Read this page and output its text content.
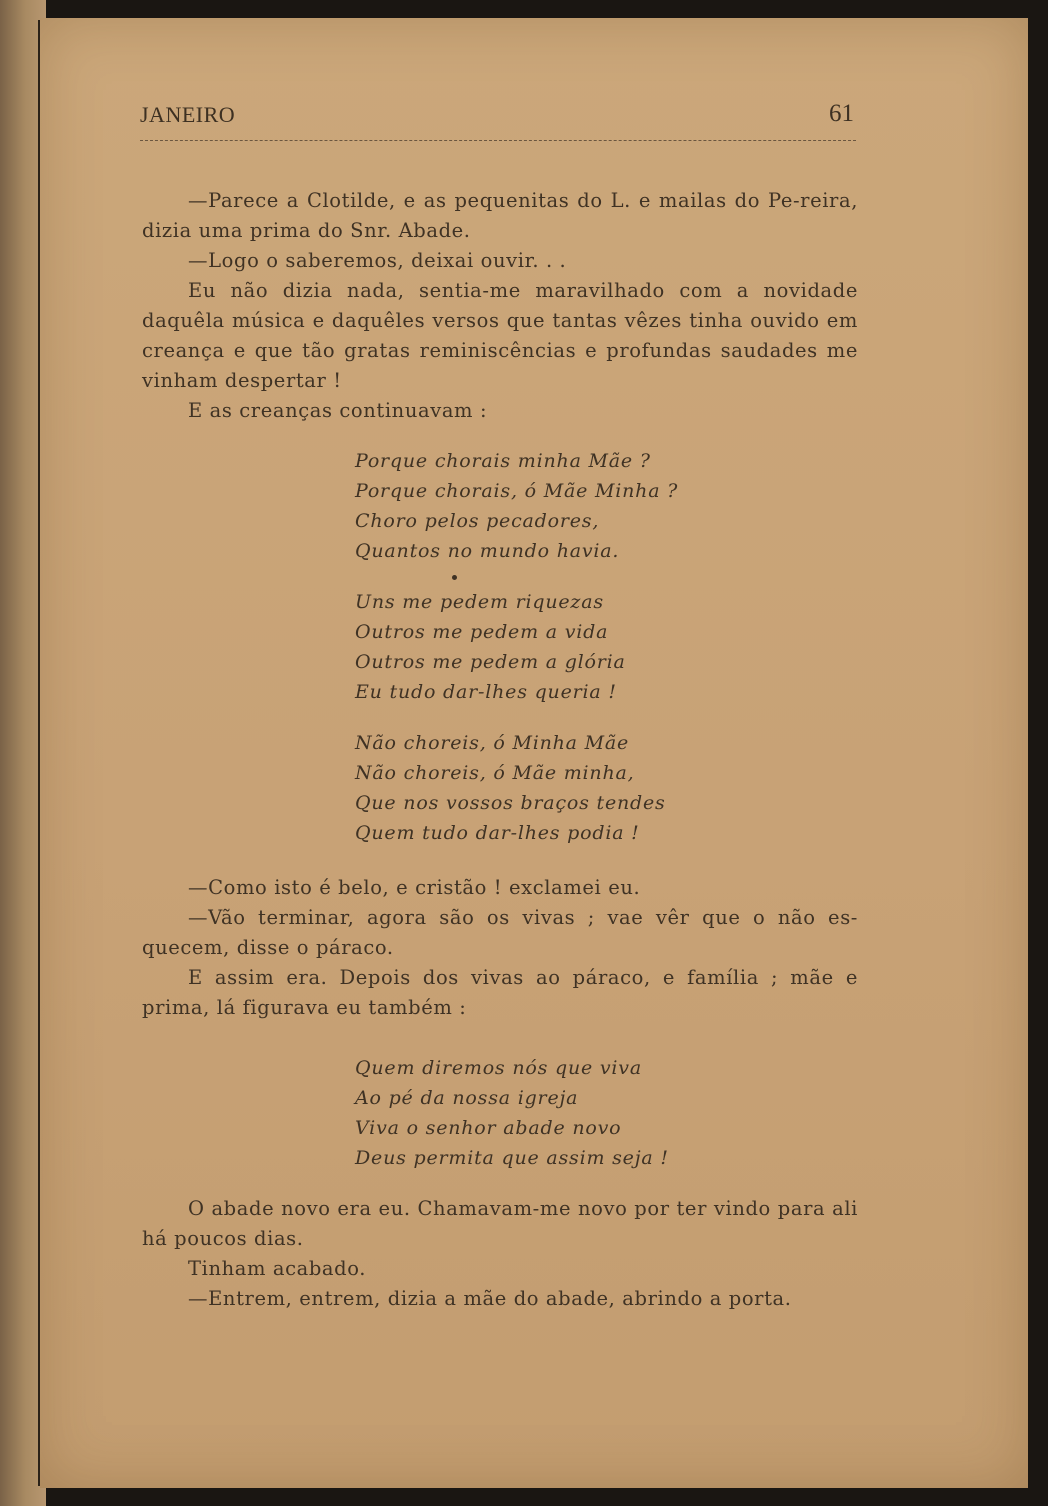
JANEIRO	61

—Parece a Clotilde, e as pequenitas do L. e mailas do Pe-reira, dizia uma prima do Snr. Abade.

—Logo o saberemos, deixai ouvir. . .

Eu não dizia nada, sentia-me maravilhado com a novidade daquêla música e daquêles versos que tantas vêzes tinha ouvido em creança e que tão gratas reminiscências e profundas saudades me vinham despertar !

E as creanças continuavam :

Porque chorais minha Mãe ?
Porque chorais, ó Mãe Minha ?
Choro pelos pecadores,
Quantos no mundo havia.
Uns me pedem riquezas
Outros me pedem a vida
Outros me pedem a glória
Eu tudo dar-lhes queria !
Não choreis, ó Minha Mãe
Não choreis, ó Mãe minha,
Que nos vossos braços tendes
Quem tudo dar-lhes podia !

—Como isto é belo, e cristão ! exclamei eu.

—Vão terminar, agora são os vivas ; vae vêr que o não es-quecem, disse o páraco.

E assim era. Depois dos vivas ao páraco, e família ; mãe e prima, lá figurava eu também :

Quem diremos nós que viva
Ao pé da nossa igreja
Viva o senhor abade novo
Deus permita que assim seja !

O abade novo era eu. Chamavam-me novo por ter vindo para ali há poucos dias.

Tinham acabado.

—Entrem, entrem, dizia a mãe do abade, abrindo a porta.
